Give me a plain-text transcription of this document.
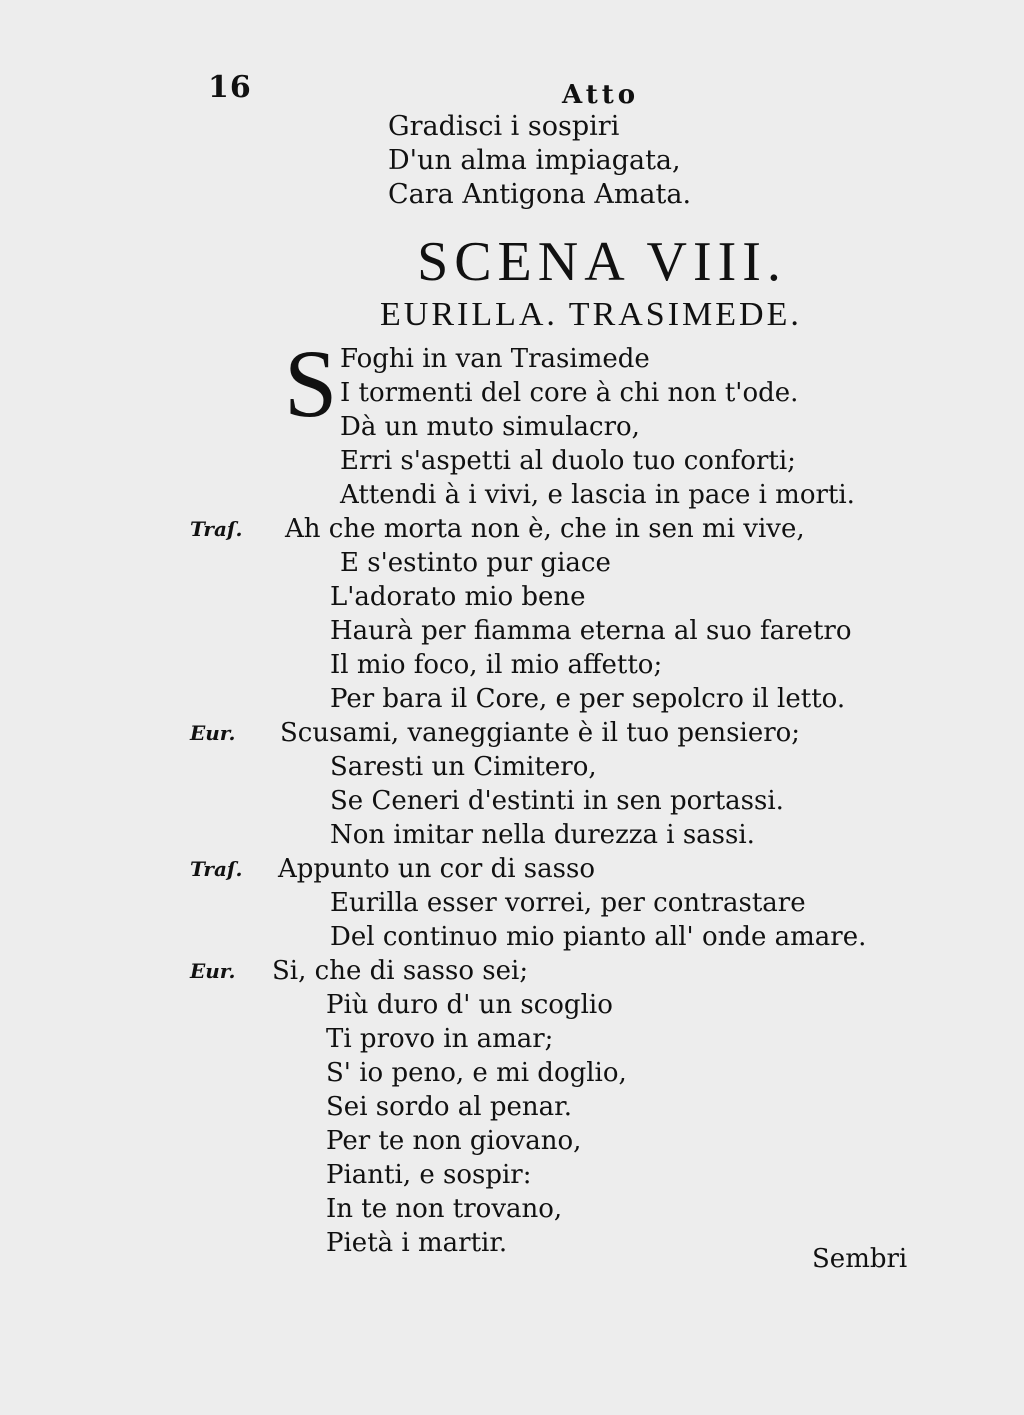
16	Atto
Gradisci i sospiri
D'un alma impiagata,
Cara Antigona Amata.
SCENA VIII.
EURILLA. TRASIMEDE.
S Foghi in van Trasimede
I tormenti del core à chi non t'ode.
Dà un muto simulacro,
Erri s'aspetti al duolo tuo conforti;
Attendi à i vivi, e lascia in pace i morti.
Traſ. Ah che morta non è, che in sen mi vive,
E s'estinto pur giace
L'adorato mio bene
Haurà per fiamma eterna al suo faretro
Il mio foco, il mio affetto;
Per bara il Core, e per sepolcro il letto.
Eur. Scusami, vaneggiante è il tuo pensiero;
Saresti un Cimitero,
Se Ceneri d'estinti in sen portassi.
Non imitar nella durezza i sassi.
Traſ. Appunto un cor di sasso
Eurilla esser vorrei, per contrastare
Del continuo mio pianto all' onde amare.
Eur. Si, che di sasso sei;
Più duro d' un scoglio
Ti provo in amar;
S' io peno, e mi doglio,
Sei sordo al penar.
Per te non giovano,
Pianti, e sospir:
In te non trovano,
Pietà i martir.
Sembri
